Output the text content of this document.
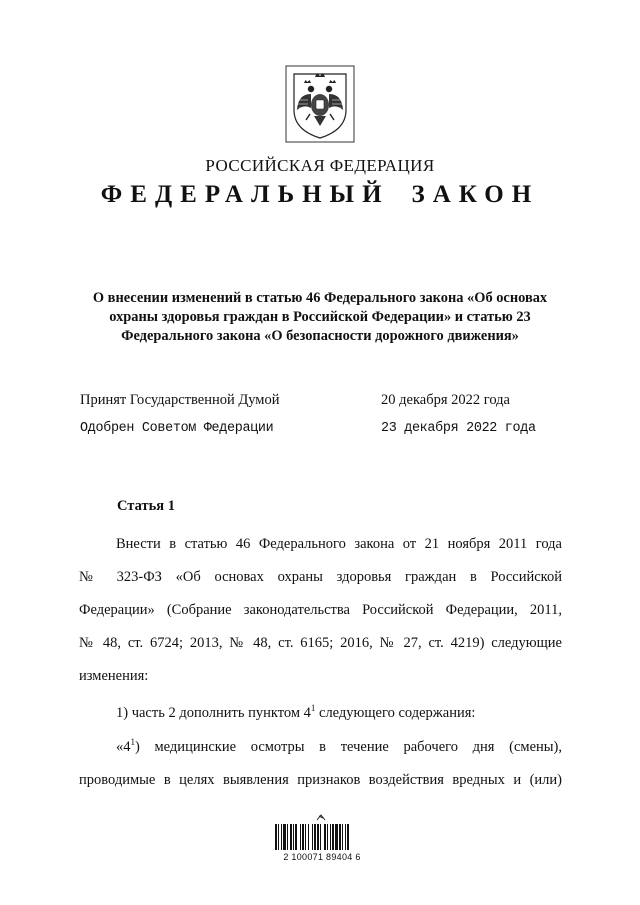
РОССИЙСКАЯ ФЕДЕРАЦИЯ
ФЕДЕРАЛЬНЫЙ ЗАКОН
О внесении изменений в статью 46 Федерального закона «Об основах
охраны здоровья граждан в Российской Федерации» и статью 23
Федерального закона «О безопасности дорожного движения»
Принят Государственной Думой	20 декабря 2022 года
Одобрен Советом Федерации	23 декабря 2022 года
Статья 1
Внести в статью 46 Федерального закона от 21 ноября 2011 года
№ 323-ФЗ «Об основах охраны здоровья граждан в Российской
Федерации» (Собрание законодательства Российской Федерации, 2011,
№ 48, ст. 6724; 2013, № 48, ст. 6165; 2016, № 27, ст. 4219) следующие
изменения:
1) часть 2 дополнить пунктом $4^1$ следующего содержания:
«$4^1$) медицинские осмотры в течение рабочего дня (смены),
проводимые в целях выявления признаков воздействия вредных и (или)
2 100071 89404 6
